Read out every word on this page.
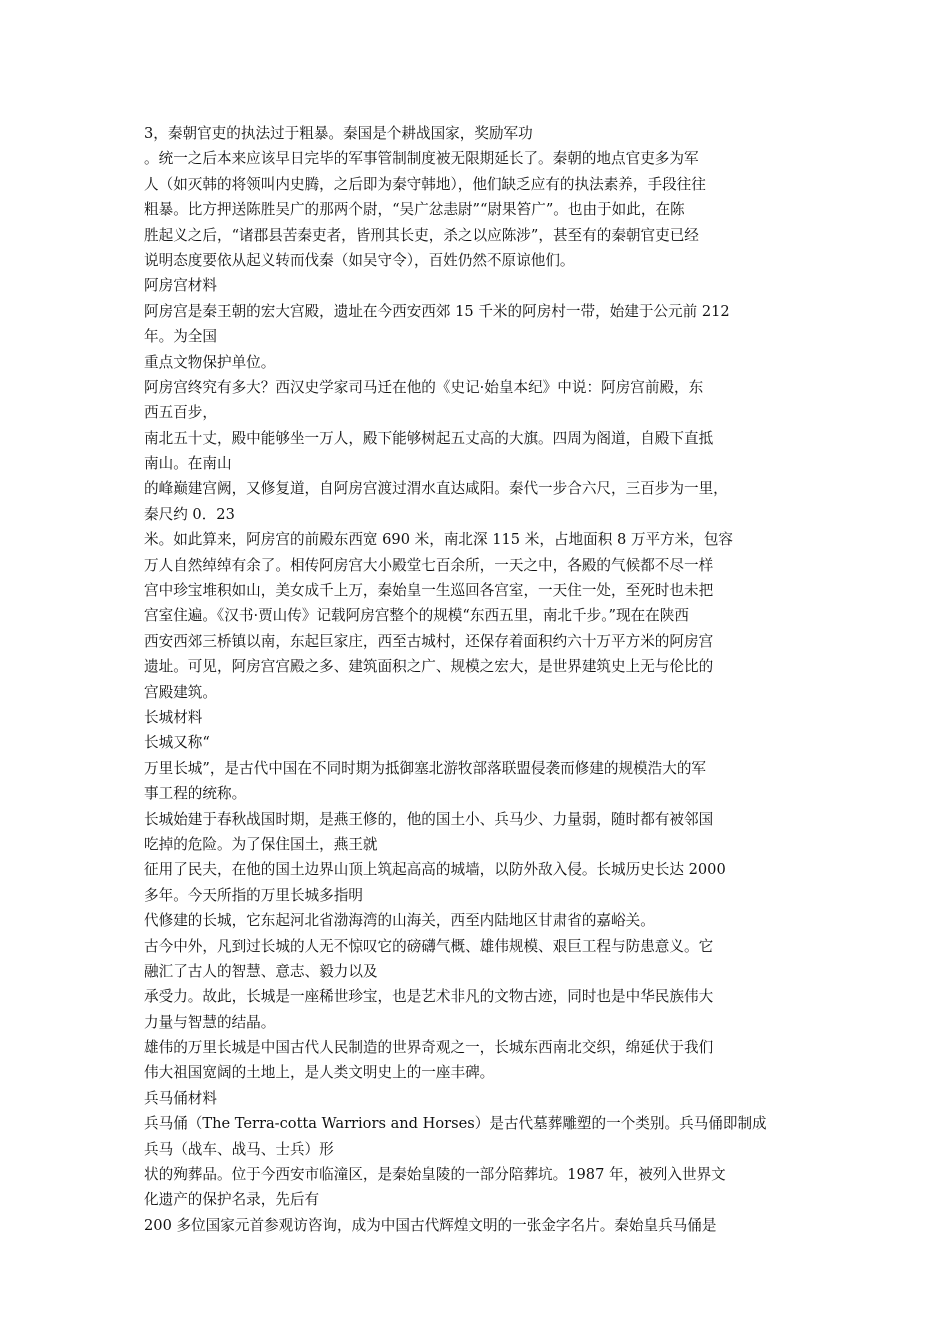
3，秦朝官吏的执法过于粗暴。秦国是个耕战国家，奖励军功
。统一之后本来应该早日完毕的军事管制制度被无限期延长了。秦朝的地点官吏多为军
人（如灭韩的将领叫内史腾，之后即为秦守韩地），他们缺乏应有的执法素养，手段往往
粗暴。比方押送陈胜吴广的那两个尉，“吴广忿恚尉”“尉果笞广”。也由于如此，在陈
胜起义之后，“诸郡县苦秦吏者，皆刑其长吏，杀之以应陈涉”，甚至有的秦朝官吏已经
说明态度要依从起义转而伐秦（如吴守令），百姓仍然不原谅他们。
阿房宫材料
阿房宫是秦王朝的宏大宫殿，遗址在今西安西郊 15 千米的阿房村一带，始建于公元前 212
年。为全国
重点文物保护单位。
阿房宫终究有多大？西汉史学家司马迁在他的《史记·始皇本纪》中说：阿房宫前殿，东
西五百步，
南北五十丈，殿中能够坐一万人，殿下能够树起五丈高的大旗。四周为阁道，自殿下直抵
南山。在南山
的峰巅建宫阙，又修复道，自阿房宫渡过渭水直达咸阳。秦代一步合六尺，三百步为一里，
秦尺约 0．23
米。如此算来，阿房宫的前殿东西宽 690 米，南北深 115 米，占地面积 8 万平方米，包容
万人自然绰绰有余了。相传阿房宫大小殿堂七百余所，一天之中，各殿的气候都不尽一样
宫中珍宝堆积如山，美女成千上万，秦始皇一生巡回各宫室，一天住一处，至死时也未把
宫室住遍。《汉书·贾山传》记载阿房宫整个的规模“东西五里，南北千步。”现在在陕西
西安西郊三桥镇以南，东起巨家庄，西至古城村，还保存着面积约六十万平方米的阿房宫
遗址。可见，阿房宫宫殿之多、建筑面积之广、规模之宏大，是世界建筑史上无与伦比的
宫殿建筑。
长城材料
长城又称“
万里长城”，是古代中国在不同时期为抵御塞北游牧部落联盟侵袭而修建的规模浩大的军
事工程的统称。
长城始建于春秋战国时期，是燕王修的，他的国土小、兵马少、力量弱，随时都有被邻国
吃掉的危险。为了保住国土，燕王就
征用了民夫，在他的国土边界山顶上筑起高高的城墙，以防外敌入侵。长城历史长达 2000
多年。今天所指的万里长城多指明
代修建的长城，它东起河北省渤海湾的山海关，西至内陆地区甘肃省的嘉峪关。
古今中外，凡到过长城的人无不惊叹它的磅礴气概、雄伟规模、艰巨工程与防患意义。它
融汇了古人的智慧、意志、毅力以及
承受力。故此，长城是一座稀世珍宝，也是艺术非凡的文物古迹，同时也是中华民族伟大
力量与智慧的结晶。
雄伟的万里长城是中国古代人民制造的世界奇观之一，长城东西南北交织，绵延伏于我们
伟大祖国宽阔的土地上，是人类文明史上的一座丰碑。
兵马俑材料
兵马俑（The Terra-cotta Warriors and Horses）是古代墓葬雕塑的一个类别。兵马俑即制成
兵马（战车、战马、士兵）形
状的殉葬品。位于今西安市临潼区，是秦始皇陵的一部分陪葬坑。1987 年，被列入世界文
化遗产的保护名录，先后有
200 多位国家元首参观访咨询，成为中国古代辉煌文明的一张金字名片。秦始皇兵马俑是
